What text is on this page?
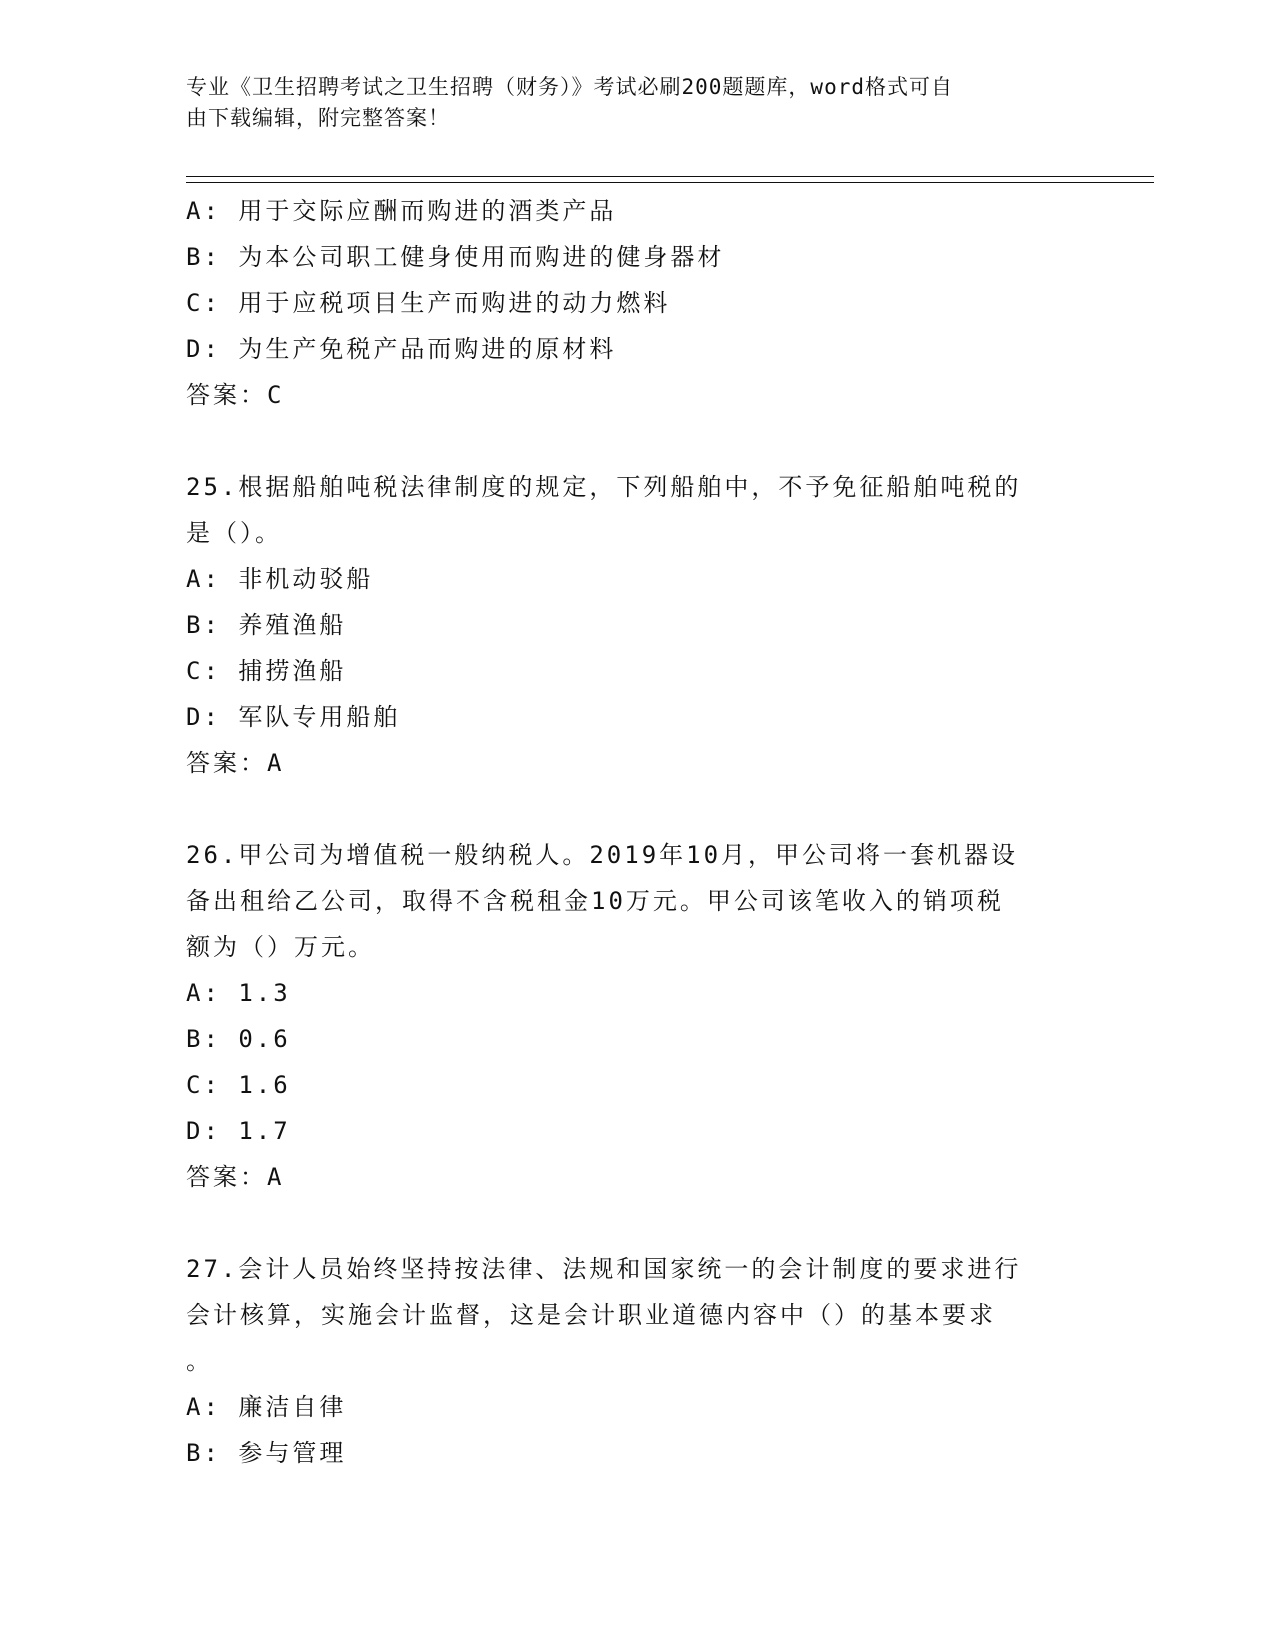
专业《卫生招聘考试之卫生招聘（财务）》考试必刷200题题库，word格式可自
由下载编辑，附完整答案！
A: 用于交际应酬而购进的酒类产品
B: 为本公司职工健身使用而购进的健身器材
C: 用于应税项目生产而购进的动力燃料
D: 为生产免税产品而购进的原材料
答案：C
25.根据船舶吨税法律制度的规定，下列船舶中，不予免征船舶吨税的
是（）。
A: 非机动驳船
B: 养殖渔船
C: 捕捞渔船
D: 军队专用船舶
答案：A
26.甲公司为增值税一般纳税人。2019年10月，甲公司将一套机器设
备出租给乙公司，取得不含税租金10万元。甲公司该笔收入的销项税
额为（）万元。
A: 1.3
B: 0.6
C: 1.6
D: 1.7
答案：A
27.会计人员始终坚持按法律、法规和国家统一的会计制度的要求进行
会计核算，实施会计监督，这是会计职业道德内容中（）的基本要求
。
A: 廉洁自律
B: 参与管理
